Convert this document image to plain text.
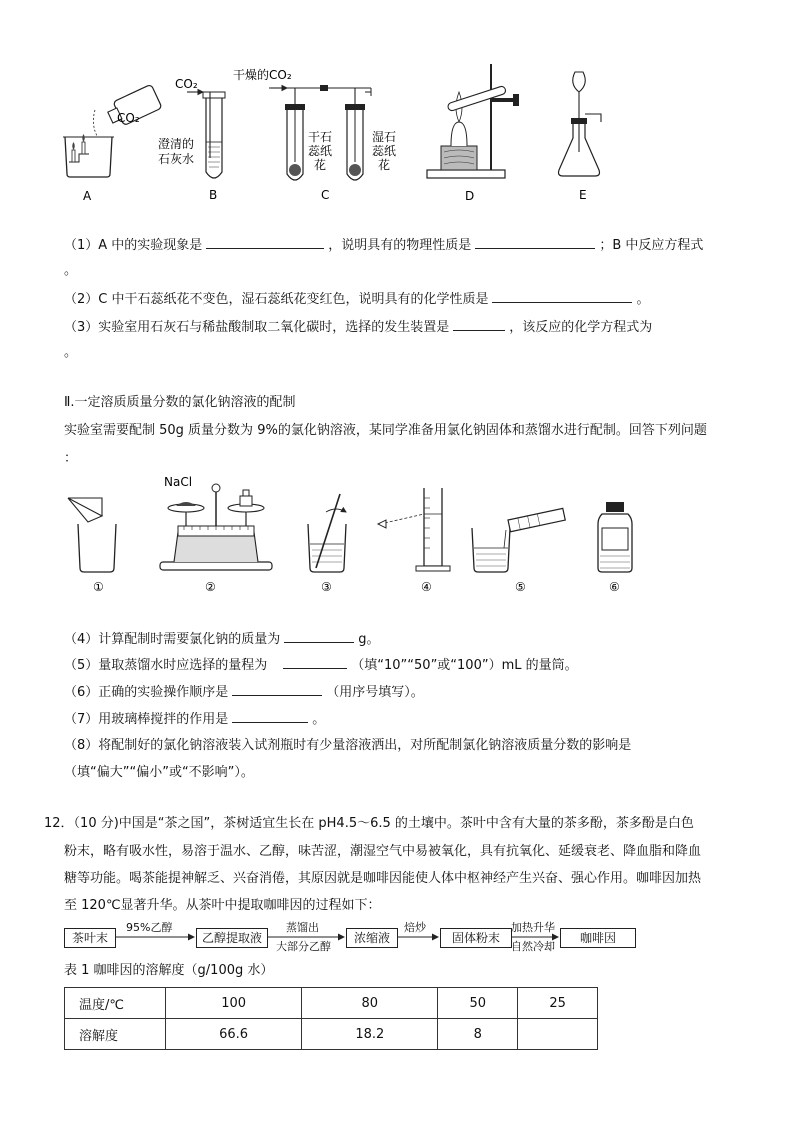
CO₂
CO₂
澄清的
石灰水
干燥的CO₂
干 石
蕊 纸
花
湿 石
蕊 纸
花
A	B	C	D	E
（1）A 中的实验现象是	，说明具有的物理性质是	；B 中反应方程式
。
（2）C 中干石蕊纸花不变色，湿石蕊纸花变红色，说明具有的化学性质是	。
（3）实验室用石灰石与稀盐酸制取二氧化碳时，选择的发生装置是	，该反应的化学方程式为
。
Ⅱ.一定溶质质量分数的氯化钠溶液的配制
实验室需要配制 50g 质量分数为 9%的氯化钠溶液，某同学准备用氯化钠固体和蒸馏水进行配制。回答下列问题
：
NaCl
①	②	③	④	⑤	⑥
（4）计算配制时需要氯化钠的质量为	g。
（5）量取蒸馏水时应选择的量程为	（填“10”“50”或“100”）mL 的量筒。
（6）正确的实验操作顺序是	（用序号填写）。
（7）用玻璃棒搅拌的作用是	。
（8）将配制好的氯化钠溶液装入试剂瓶时有少量溶液洒出，对所配制氯化钠溶液质量分数的影响是
（填“偏大”“偏小”或“不影响”）。
12．（10 分)中国是“茶之国”，茶树适宜生长在 pH4.5～6.5 的土壤中。茶叶中含有大量的茶多酚，茶多酚是白色
粉末，略有吸水性，易溶于温水、乙醇，味苦涩，潮湿空气中易被氧化，具有抗氧化、延缓衰老、降血脂和降血
糖等功能。喝茶能提神解乏、兴奋消倦，其原因就是咖啡因能使人体中枢神经产生兴奋、强心作用。咖啡因加热
至 120℃显著升华。从茶叶中提取咖啡因的过程如下：
茶叶末	乙醇提取液	浓缩液	固体粉末	咖啡因
95%乙醇	蒸馏出
大部分乙醇
焙炒	加热升华
自然冷却
表 1 咖啡因的溶解度（g/100g 水）
温度/℃	100	80	50	25
溶解度	66.6	18.2	8	
